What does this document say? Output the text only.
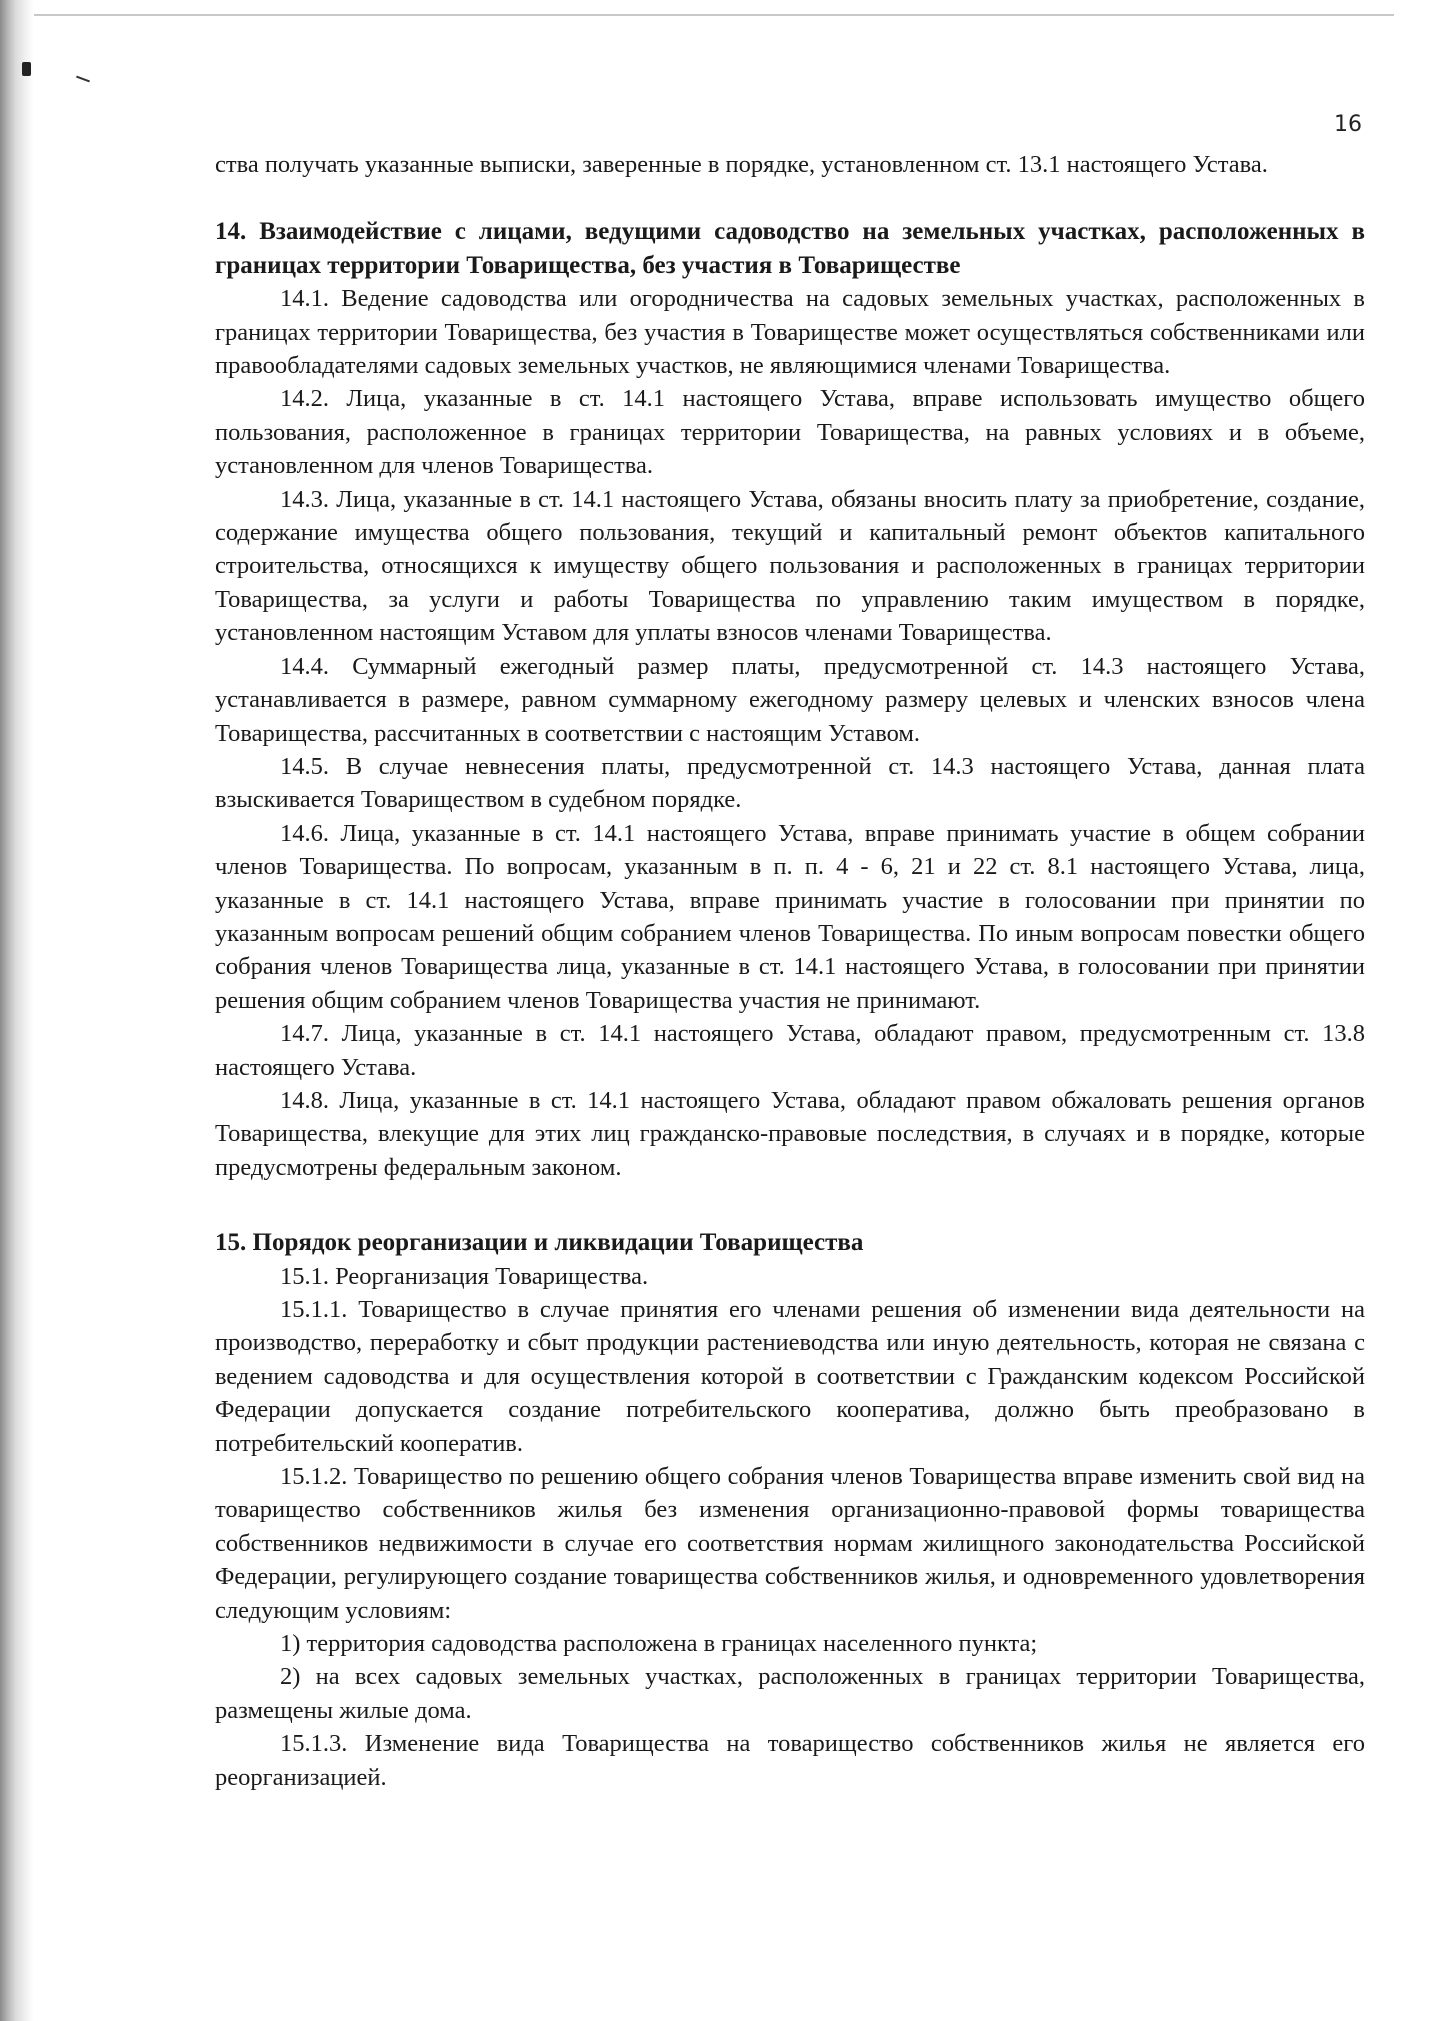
16

ства получать указанные выписки, заверенные в порядке, установленном ст. 13.1 настоящего Устава.

14. Взаимодействие с лицами, ведущими садоводство на земельных участках, расположенных в границах территории Товарищества, без участия в Товариществе

14.1. Ведение садоводства или огородничества на садовых земельных участках, расположенных в границах территории Товарищества, без участия в Товариществе может осуществляться собственниками или правообладателями садовых земельных участков, не являющимися членами Товарищества.

14.2. Лица, указанные в ст. 14.1 настоящего Устава, вправе использовать имущество общего пользования, расположенное в границах территории Товарищества, на равных условиях и в объеме, установленном для членов Товарищества.

14.3. Лица, указанные в ст. 14.1 настоящего Устава, обязаны вносить плату за приобретение, создание, содержание имущества общего пользования, текущий и капитальный ремонт объектов капитального строительства, относящихся к имуществу общего пользования и расположенных в границах территории Товарищества, за услуги и работы Товарищества по управлению таким имуществом в порядке, установленном настоящим Уставом для уплаты взносов членами Товарищества.

14.4. Суммарный ежегодный размер платы, предусмотренной ст. 14.3 настоящего Устава, устанавливается в размере, равном суммарному ежегодному размеру целевых и членских взносов члена Товарищества, рассчитанных в соответствии с настоящим Уставом.

14.5. В случае невнесения платы, предусмотренной ст. 14.3 настоящего Устава, данная плата взыскивается Товариществом в судебном порядке.

14.6. Лица, указанные в ст. 14.1 настоящего Устава, вправе принимать участие в общем собрании членов Товарищества. По вопросам, указанным в п. п. 4 - 6, 21 и 22 ст. 8.1 настоящего Устава, лица, указанные в ст. 14.1 настоящего Устава, вправе принимать участие в голосовании при принятии по указанным вопросам решений общим собранием членов Товарищества. По иным вопросам повестки общего собрания членов Товарищества лица, указанные в ст. 14.1 настоящего Устава, в голосовании при принятии решения общим собранием членов Товарищества участия не принимают.

14.7. Лица, указанные в ст. 14.1 настоящего Устава, обладают правом, предусмотренным ст. 13.8 настоящего Устава.

14.8. Лица, указанные в ст. 14.1 настоящего Устава, обладают правом обжаловать решения органов Товарищества, влекущие для этих лиц гражданско-правовые последствия, в случаях и в порядке, которые предусмотрены федеральным законом.

15. Порядок реорганизации и ликвидации Товарищества

15.1. Реорганизация Товарищества.

15.1.1. Товарищество в случае принятия его членами решения об изменении вида деятельности на производство, переработку и сбыт продукции растениеводства или иную деятельность, которая не связана с ведением садоводства и для осуществления которой в соответствии с Гражданским кодексом Российской Федерации допускается создание потребительского кооператива, должно быть преобразовано в потребительский кооператив.

15.1.2. Товарищество по решению общего собрания членов Товарищества вправе изменить свой вид на товарищество собственников жилья без изменения организационно-правовой формы товарищества собственников недвижимости в случае его соответствия нормам жилищного законодательства Российской Федерации, регулирующего создание товарищества собственников жилья, и одновременного удовлетворения следующим условиям:

1) территория садоводства расположена в границах населенного пункта;

2) на всех садовых земельных участках, расположенных в границах территории Товарищества, размещены жилые дома.

15.1.3. Изменение вида Товарищества на товарищество собственников жилья не является его реорганизацией.
